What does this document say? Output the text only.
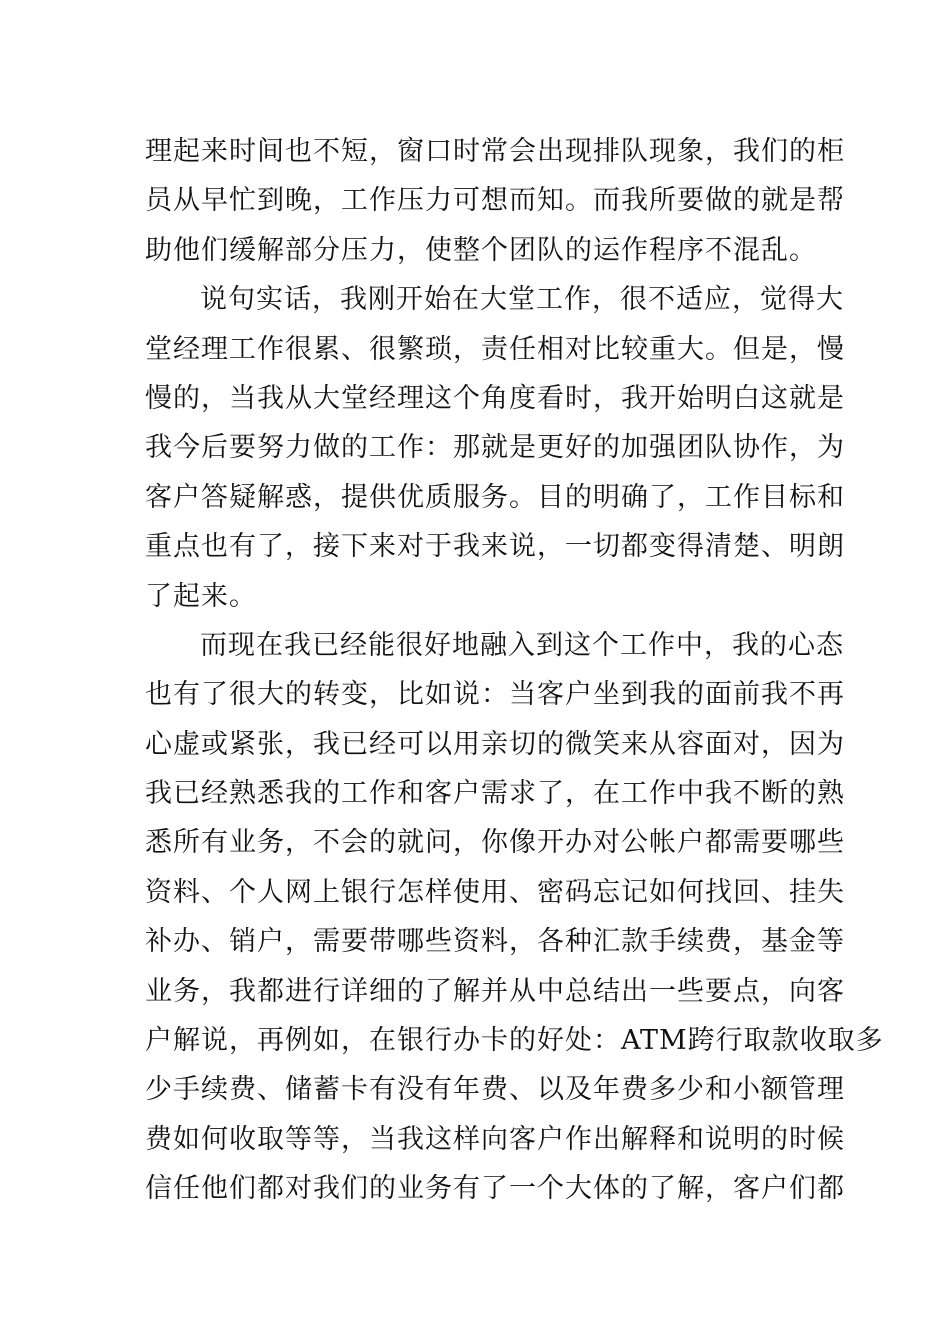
理起来时间也不短，窗口时常会出现排队现象，我们的柜
员从早忙到晚，工作压力可想而知。而我所要做的就是帮
助他们缓解部分压力，使整个团队的运作程序不混乱。
说句实话，我刚开始在大堂工作，很不适应，觉得大
堂经理工作很累、很繁琐，责任相对比较重大。但是，慢
慢的，当我从大堂经理这个角度看时，我开始明白这就是
我今后要努力做的工作：那就是更好的加强团队协作，为
客户答疑解惑，提供优质服务。目的明确了，工作目标和
重点也有了，接下来对于我来说，一切都变得清楚、明朗
了起来。
而现在我已经能很好地融入到这个工作中，我的心态
也有了很大的转变，比如说：当客户坐到我的面前我不再
心虚或紧张，我已经可以用亲切的微笑来从容面对，因为
我已经熟悉我的工作和客户需求了，在工作中我不断的熟
悉所有业务，不会的就问，你像开办对公帐户都需要哪些
资料、个人网上银行怎样使用、密码忘记如何找回、挂失
补办、销户，需要带哪些资料，各种汇款手续费，基金等
业务，我都进行详细的了解并从中总结出一些要点，向客
户解说，再例如，在银行办卡的好处：ATM跨行取款收取多
少手续费、储蓄卡有没有年费、以及年费多少和小额管理
费如何收取等等，当我这样向客户作出解释和说明的时候
信任他们都对我们的业务有了一个大体的了解，客户们都
